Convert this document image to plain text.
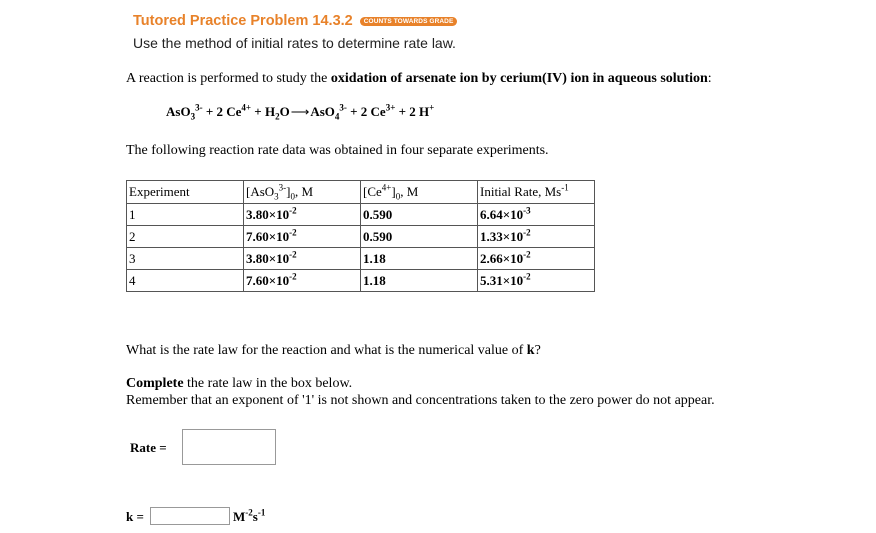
Tutored Practice Problem 14.3.2 COUNTS TOWARDS GRADE
Use the method of initial rates to determine rate law.
A reaction is performed to study the oxidation of arsenate ion by cerium(IV) ion in aqueous solution:
AsO$_3^{3-}$ + 2 $Ce^{4+}$ + $H_2O⟶AsO_4^{3-} + 2$ $Ce^{3+} + 2$ H+
The following reaction rate data was obtained in four separate experiments.
Experiment	$[AsO_3^{3-}]_0$, M	$[Ce^{4+}]_0$, M	Initial Rate, $Ms^{-1}$
1	$3.80\times 10^{-2}$	0.590	$6.64\times 10^{-3}$
2	$7.60\times 10^{-2}$	0.590	$1.33\times 10^{-2}$
3	$3.80\times 10^{-2}$	1.18	$2.66\times 10^{-2}$
4	$7.60\times 10^{-2}$	1.18	$5.31\times 10^{-2}$
What is the rate law for the reaction and what is the numerical value of k?
Complete the rate law in the box below.
Remember that an exponent of '1' is not shown and concentrations taken to the zero power do not appear.
Rate =
k =	$M^{-2}s^{-1}$
